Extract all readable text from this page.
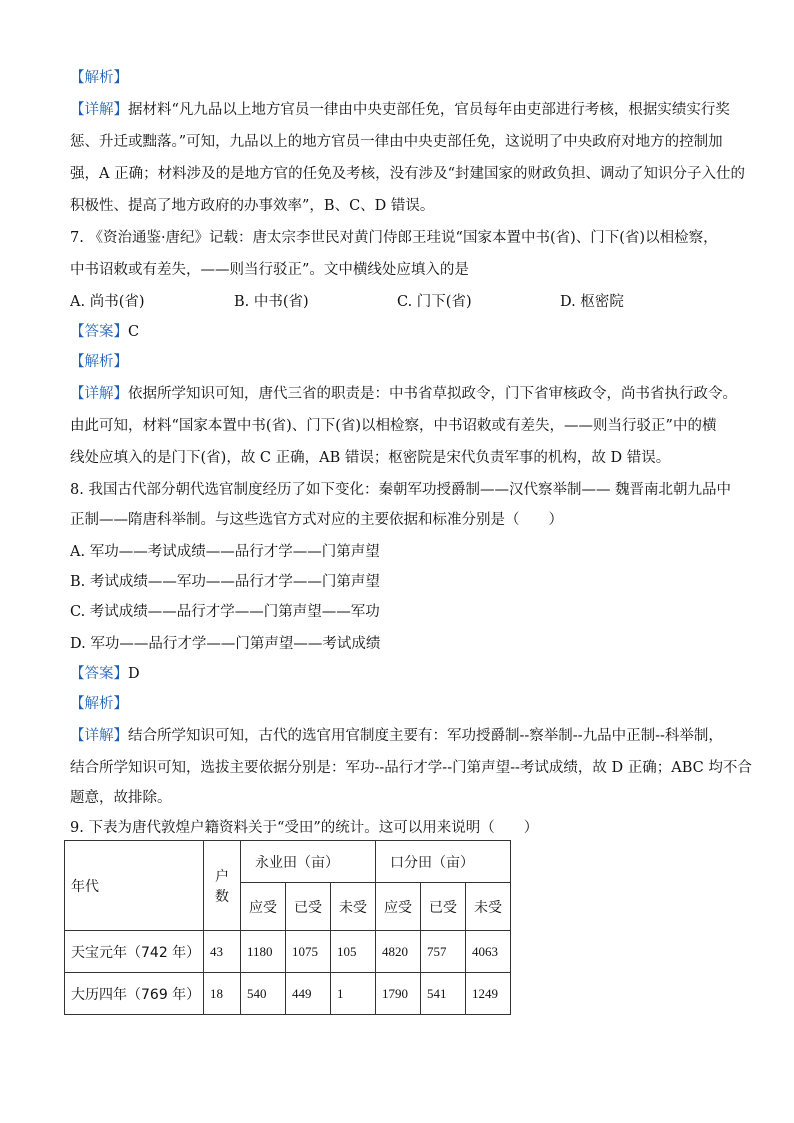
【解析】
【详解】据材料“凡九品以上地方官员一律由中央吏部任免，官员每年由吏部进行考核，根据实绩实行奖
惩、升迁或黜落。”可知，九品以上的地方官员一律由中央吏部任免，这说明了中央政府对地方的控制加
强，A 正确；材料涉及的是地方官的任免及考核，没有涉及“封建国家的财政负担、调动了知识分子入仕的
积极性、提高了地方政府的办事效率”，B、C、D 错误。
7. 《资治通鉴·唐纪》记载：唐太宗李世民对黄门侍郎王珪说“国家本置中书(省)、门下(省)以相检察，
中书诏敕或有差失，——则当行驳正”。文中横线处应填入的是
A. 尚书(省)	B. 中书(省)	C. 门下(省)	D. 枢密院
【答案】C
【解析】
【详解】依据所学知识可知，唐代三省的职责是：中书省草拟政令，门下省审核政令，尚书省执行政令。
由此可知，材料“国家本置中书(省)、门下(省)以相检察，中书诏敕或有差失，——则当行驳正”中的横
线处应填入的是门下(省)，故 C 正确，AB 错误；枢密院是宋代负责军事的机构，故 D 错误。
8. 我国古代部分朝代选官制度经历了如下变化：秦朝军功授爵制——汉代察举制—— 魏晋南北朝九品中
正制——隋唐科举制。与这些选官方式对应的主要依据和标准分别是（　　）
A. 军功——考试成绩——品行才学——门第声望
B. 考试成绩——军功——品行才学——门第声望
C. 考试成绩——品行才学——门第声望——军功
D. 军功——品行才学——门第声望——考试成绩
【答案】D
【解析】
【详解】结合所学知识可知，古代的选官用官制度主要有：军功授爵制--察举制--九品中正制--科举制，
结合所学知识可知，选拔主要依据分别是：军功--品行才学--门第声望--考试成绩，故 D 正确；ABC 均不合
题意，故排除。
9. 下表为唐代敦煌户籍资料关于“受田”的统计。这可以用来说明（　　）
年代	户数	永业田（亩）			口分田（亩）		
		应受	已受	未受	应受	已受	未受
天宝元年（742 年）	43	1180	1075	105	4820	757	4063
大历四年（769 年）	18	540	449	1	1790	541	1249
